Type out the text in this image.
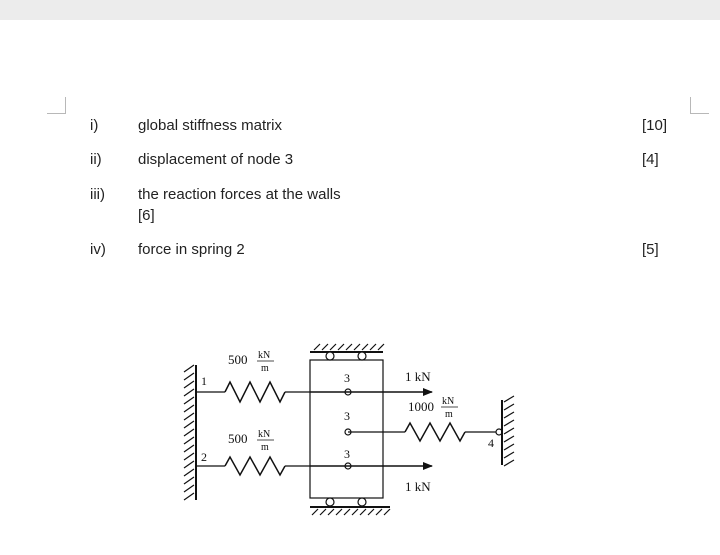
i)	global stiffness matrix	[10]
ii) displacement of node 3	[4]
iii) the reaction forces at the walls
[6]
iv) force in spring 2	[5]
500 kN
m
500 kN
m
1000 kN
m
1 kN
1 kN
1
2
3
3
3
4
